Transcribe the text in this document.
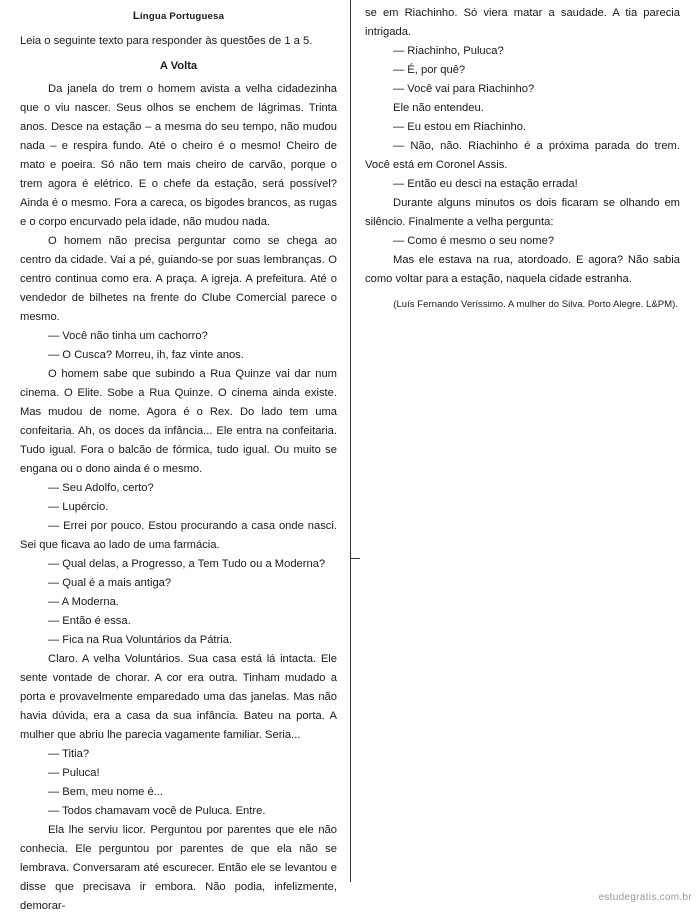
Língua Portuguesa
Leia o seguinte texto para responder às questões de 1 a 5.
A Volta

Da janela do trem o homem avista a velha cidadezinha que o viu nascer. Seus olhos se enchem de lágrimas. Trinta anos. Desce na estação – a mesma do seu tempo, não mudou nada – e respira fundo. Até o cheiro é o mesmo! Cheiro de mato e poeira. Só não tem mais cheiro de carvão, porque o trem agora é elétrico. E o chefe da estação, será possível? Ainda é o mesmo. Fora a careca, os bigodes brancos, as rugas e o corpo encurvado pela idade, não mudou nada.

O homem não precisa perguntar como se chega ao centro da cidade. Vai a pé, guiando-se por suas lembranças. O centro continua como era. A praça. A igreja. A prefeitura. Até o vendedor de bilhetes na frente do Clube Comercial parece o mesmo.

— Você não tinha um cachorro?

— O Cusca? Morreu, ih, faz vinte anos.

O homem sabe que subindo a Rua Quinze vai dar num cinema. O Elite. Sobe a Rua Quinze. O cinema ainda existe. Mas mudou de nome. Agora é o Rex. Do lado tem uma confeitaria. Ah, os doces da infância... Ele entra na confeitaria. Tudo igual. Fora o balcão de fórmica, tudo igual. Ou muito se engana ou o dono ainda é o mesmo.

— Seu Adolfo, certo?

— Lupércio.

— Errei por pouco. Estou procurando a casa onde nasci. Sei que ficava ao lado de uma farmácia.

— Qual delas, a Progresso, a Tem Tudo ou a Moderna?

— Qual é a mais antiga?

— A Moderna.

— Então é essa.

— Fica na Rua Voluntários da Pátria.

Claro. A velha Voluntários. Sua casa está lá intacta. Ele sente vontade de chorar. A cor era outra. Tinham mudado a porta e provavelmente emparedado uma das janelas. Mas não havia dúvida, era a casa da sua infância. Bateu na porta. A mulher que abriu lhe parecia vagamente familiar. Seria...

— Titia?

— Puluca!

— Bem, meu nome é...

— Todos chamavam você de Puluca. Entre.

Ela lhe serviu licor. Perguntou por parentes que ele não conhecia. Ele perguntou por parentes de que ela não se lembrava. Conversaram até escurecer. Então ele se levantou e disse que precisava ir embora. Não podia, infelizmente, demorar-

se em Riachinho. Só viera matar a saudade. A tia parecia intrigada.

— Riachinho, Puluca?

— É, por quê?

— Você vai para Riachinho?

Ele não entendeu.

— Eu estou em Riachinho.

— Não, não. Riachinho é a próxima parada do trem. Você está em Coronel Assis.

— Então eu desci na estação errada!

Durante alguns minutos os dois ficaram se olhando em silêncio. Finalmente a velha pergunta:

— Como é mesmo o seu nome?

Mas ele estava na rua, atordoado. E agora? Não sabia como voltar para a estação, naquela cidade estranha.

(Luís Fernando Veríssimo. A mulher do Silva. Porto Alegre. L&PM).
estudegratis.com.br
